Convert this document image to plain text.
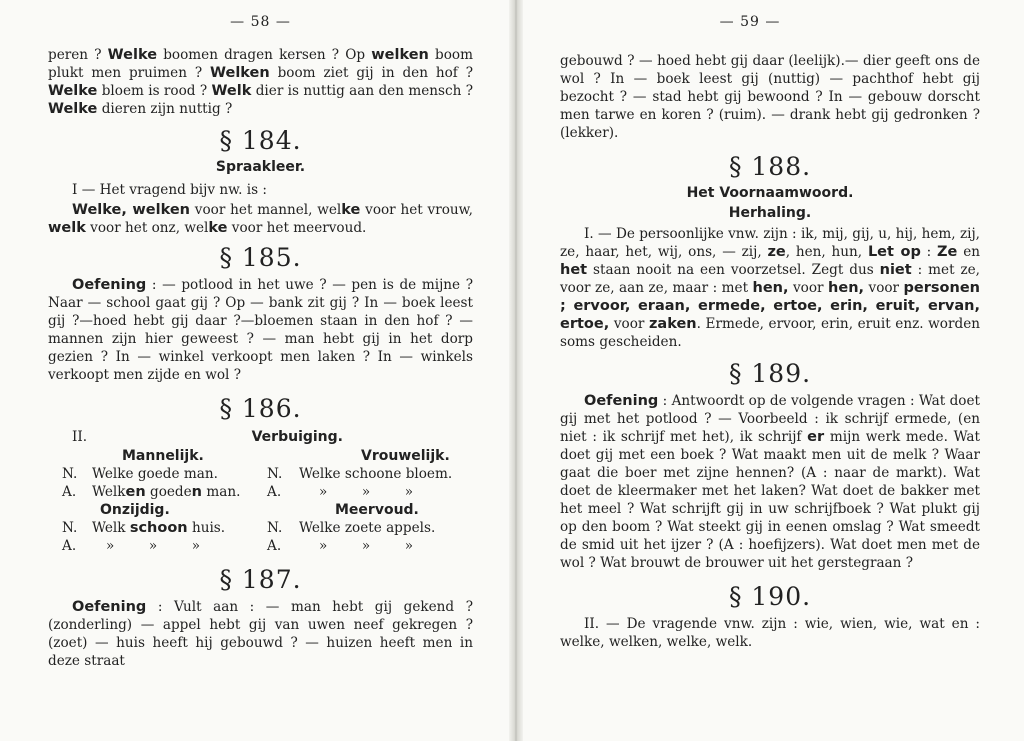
— 58 —

peren ? Welke boomen dragen kersen ? Op welken boom plukt men pruimen ? Welken boom ziet gij in den hof ? Welke bloem is rood ? Welk dier is nuttig aan den mensch ? Welke dieren zijn nuttig ?

§ 184.
Spraakleer.

I — Het vragend bijv nw. is :

Welke, welken voor het mannel, welke voor het vrouw, welk voor het onz, welke voor het meervoud.

§ 185.

Oefening : — potlood in het uwe ? — pen is de mijne ? Naar — school gaat gij ? Op — bank zit gij ? In — boek leest gij ?—hoed hebt gij daar ?—bloemen staan in den hof ? — mannen zijn hier geweest ? — man hebt gij in het dorp gezien ? In — winkel verkoopt men laken ? In — winkels verkoopt men zijde en wol ?

§ 186.
II.	Verbuiging.
	Mannelijk.		Vrouwelijk.
N.	Welke goede man.	N.	Welke schoone bloem.
A.	Welken goeden man.	A.	»        »        »
	Onzijdig.		Meervoud.
N.	Welk schoon huis.	N.	Welke zoete appels.
A.	»        »        »	A.	»        »        »
§ 187.

Oefening : Vult aan : — man hebt gij gekend ? (zonderling) — appel hebt gij van uwen neef gekregen ? (zoet) — huis heeft hij gebouwd ? — huizen heeft men in deze straat

— 59 —

gebouwd ? — hoed hebt gij daar (leelijk).— dier geeft ons de wol ? In — boek leest gij (nuttig) — pachthof hebt gij bezocht ? — stad hebt gij bewoond ? In — gebouw dorscht men tarwe en koren ? (ruim). — drank hebt gij gedronken ? (lekker).

§ 188.
Het Voornaamwoord.
Herhaling.

I. — De persoonlijke vnw. zijn : ik, mij, gij, u, hij, hem, zij, ze, haar, het, wij, ons, — zij, ze, hen, hun, Let op : Ze en het staan nooit na een voorzetsel. Zegt dus niet : met ze, voor ze, aan ze, maar : met hen, voor hen, voor personen ; ervoor, eraan, ermede, ertoe, erin, eruit, ervan, ertoe, voor zaken. Ermede, ervoor, erin, eruit enz. worden soms gescheiden.

§ 189.

Oefening : Antwoordt op de volgende vragen : Wat doet gij met het potlood ? — Voorbeeld : ik schrijf ermede, (en niet : ik schrijf met het), ik schrijf er mijn werk mede. Wat doet gij met een boek ? Wat maakt men uit de melk ? Waar gaat die boer met zijne hennen? (A : naar de markt). Wat doet de kleermaker met het laken? Wat doet de bakker met het meel ? Wat schrijft gij in uw schrijfboek ? Wat plukt gij op den boom ? Wat steekt gij in eenen omslag ? Wat smeedt de smid uit het ijzer ? (A : hoefijzers). Wat doet men met de wol ? Wat brouwt de brouwer uit het gerstegraan ?

§ 190.

II. — De vragende vnw. zijn : wie, wien, wie, wat en : welke, welken, welke, welk.
